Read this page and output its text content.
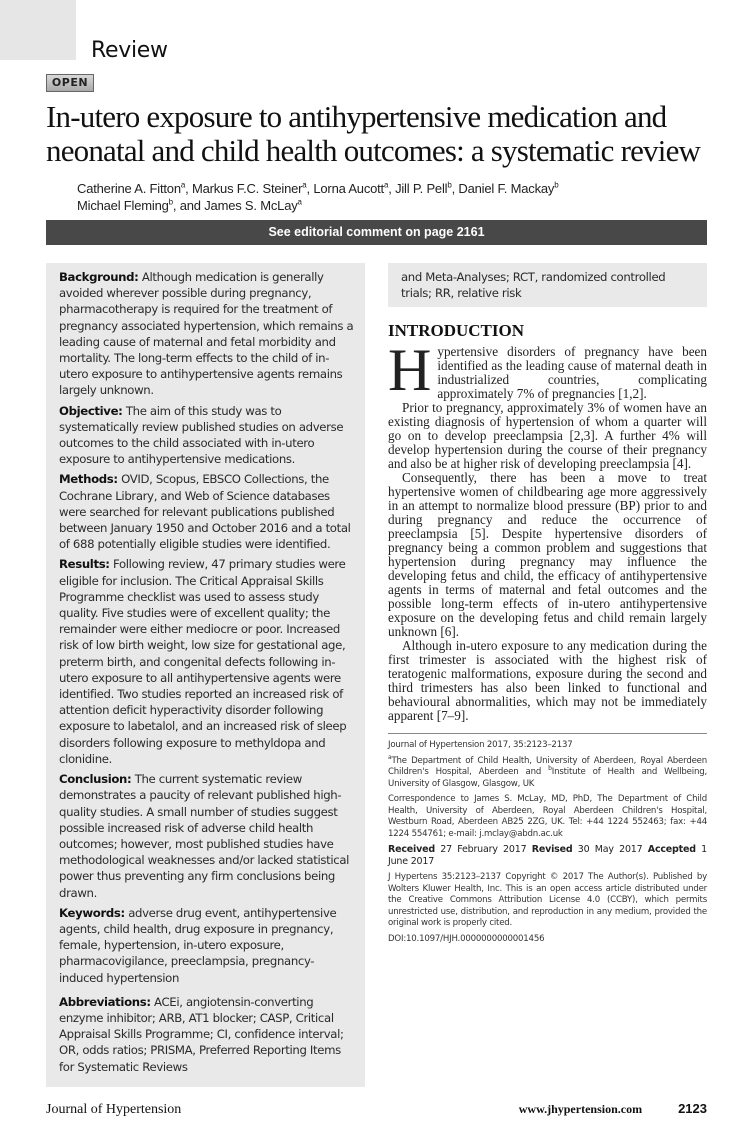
Review
OPEN
In-utero exposure to antihypertensive medication and neonatal and child health outcomes: a systematic review
Catherine A. Fitton$^a$, Markus F.C. Steiner$^a$, Lorna Aucott$^a$, Jill P. Pell$^b$, Daniel F. Mackay$^b$
Michael Fleming$^b$, and James S. McLay$^a$
See editorial comment on page 2161

Background: Although medication is generally avoided wherever possible during pregnancy, pharmacotherapy is required for the treatment of pregnancy associated hypertension, which remains a leading cause of maternal and fetal morbidity and mortality. The long-term effects to the child of in-utero exposure to antihypertensive agents remains largely unknown.

Objective: The aim of this study was to systematically review published studies on adverse outcomes to the child associated with in-utero exposure to antihypertensive medications.

Methods: OVID, Scopus, EBSCO Collections, the Cochrane Library, and Web of Science databases were searched for relevant publications published between January 1950 and October 2016 and a total of 688 potentially eligible studies were identified.

Results: Following review, 47 primary studies were eligible for inclusion. The Critical Appraisal Skills Programme checklist was used to assess study quality. Five studies were of excellent quality; the remainder were either mediocre or poor. Increased risk of low birth weight, low size for gestational age, preterm birth, and congenital defects following in-utero exposure to all antihypertensive agents were identified. Two studies reported an increased risk of attention deficit hyperactivity disorder following exposure to labetalol, and an increased risk of sleep disorders following exposure to methyldopa and clonidine.

Conclusion: The current systematic review demonstrates a paucity of relevant published high-quality studies. A small number of studies suggest possible increased risk of adverse child health outcomes; however, most published studies have methodological weaknesses and/or lacked statistical power thus preventing any firm conclusions being drawn.

Keywords: adverse drug event, antihypertensive agents, child health, drug exposure in pregnancy, female, hypertension, in-utero exposure, pharmacovigilance, preeclampsia, pregnancy-induced hypertension

Abbreviations: ACEi, angiotensin-converting enzyme inhibitor; ARB, AT1 blocker; CASP, Critical Appraisal Skills Programme; CI, confidence interval; OR, odds ratios; PRISMA, Preferred Reporting Items for Systematic Reviews

and Meta-Analyses; RCT, randomized controlled trials; RR, relative risk
INTRODUCTION

Hypertensive disorders of pregnancy have been identified as the leading cause of maternal death in industrialized countries, complicating approximately 7% of pregnancies [1,2].

Prior to pregnancy, approximately 3% of women have an existing diagnosis of hypertension of whom a quarter will go on to develop preeclampsia [2,3]. A further 4% will develop hypertension during the course of their pregnancy and also be at higher risk of developing preeclampsia [4].

Consequently, there has been a move to treat hypertensive women of childbearing age more aggressively in an attempt to normalize blood pressure (BP) prior to and during pregnancy and reduce the occurrence of preeclampsia [5]. Despite hypertensive disorders of pregnancy being a common problem and suggestions that hypertension during pregnancy may influence the developing fetus and child, the efficacy of antihypertensive agents in terms of maternal and fetal outcomes and the possible long-term effects of in-utero antihypertensive exposure on the developing fetus and child remain largely unknown [6].

Although in-utero exposure to any medication during the first trimester is associated with the highest risk of teratogenic malformations, exposure during the second and third trimesters has also been linked to functional and behavioural abnormalities, which may not be immediately apparent [7–9].

Journal of Hypertension 2017, 35:2123–2137

$^a$The Department of Child Health, University of Aberdeen, Royal Aberdeen Children's Hospital, Aberdeen and $^b$Institute of Health and Wellbeing, University of Glasgow, Glasgow, UK

Correspondence to James S. McLay, MD, PhD, The Department of Child Health, University of Aberdeen, Royal Aberdeen Children's Hospital, Westburn Road, Aberdeen AB25 2ZG, UK. Tel: +44 1224 552463; fax: +44 1224 554761; e-mail: j.mclay@abdn.ac.uk

Received 27 February 2017 Revised 30 May 2017 Accepted 1 June 2017

J Hypertens 35:2123–2137 Copyright © 2017 The Author(s). Published by Wolters Kluwer Health, Inc. This is an open access article distributed under the Creative Commons Attribution License 4.0 (CCBY), which permits unrestricted use, distribution, and reproduction in any medium, provided the original work is properly cited.

DOI:10.1097/HJH.0000000000001456

Journal of Hypertension	www.jhypertension.com	2123
